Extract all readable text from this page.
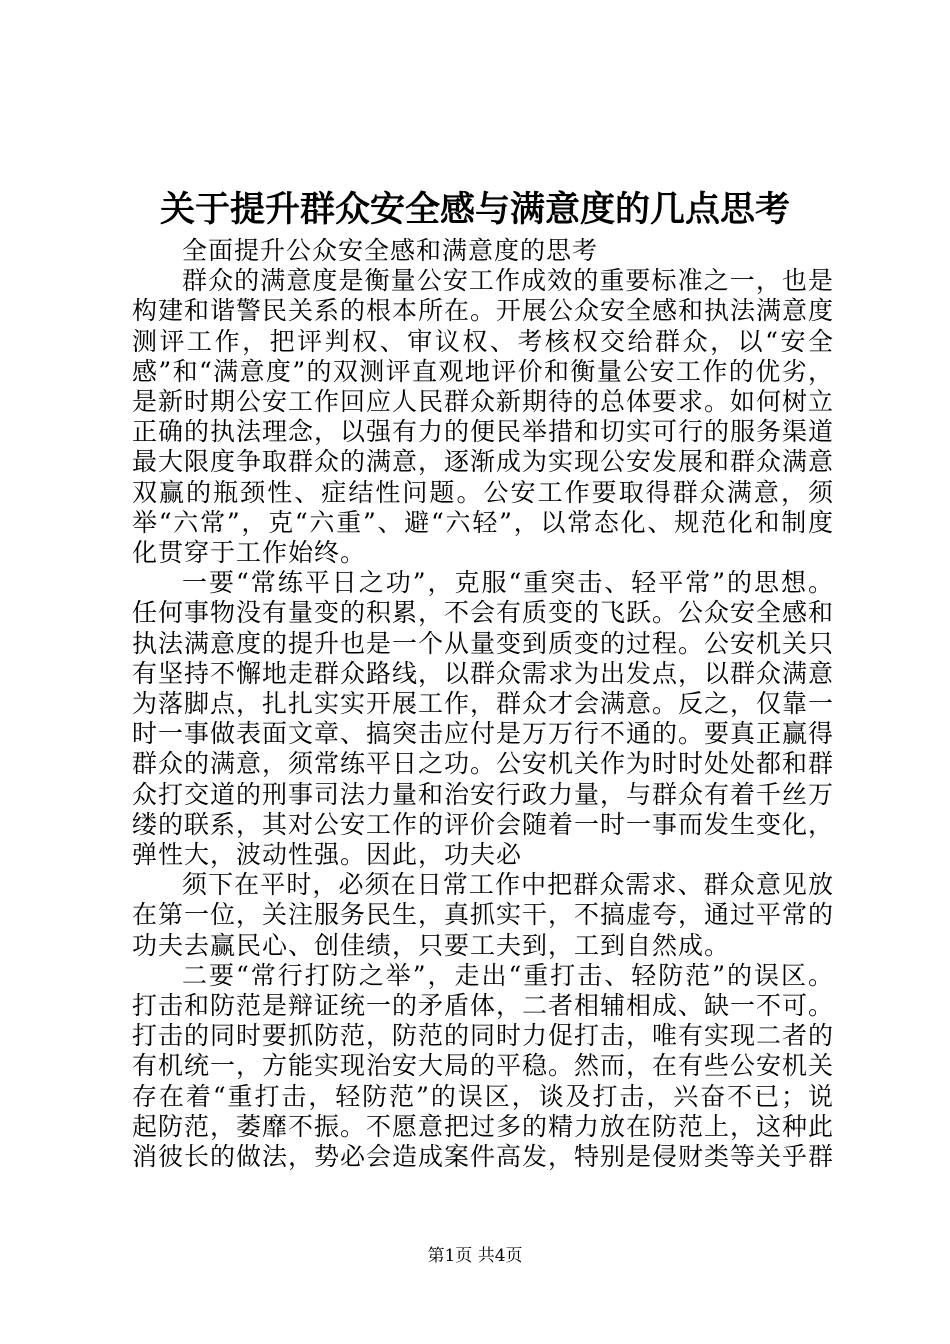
关于提升群众安全感与满意度的几点思考

全面提升公众安全感和满意度的思考

群众的满意度是衡量公安工作成效的重要标准之一，也是构建和谐警民关系的根本所在。开展公众安全感和执法满意度测评工作，把评判权、审议权、考核权交给群众，以“安全感”和“满意度”的双测评直观地评价和衡量公安工作的优劣，是新时期公安工作回应人民群众新期待的总体要求。如何树立正确的执法理念，以强有力的便民举措和切实可行的服务渠道最大限度争取群众的满意，逐渐成为实现公安发展和群众满意双赢的瓶颈性、症结性问题。公安工作要取得群众满意，须举“六常”，克“六重”、避“六轻”，以常态化、规范化和制度化贯穿于工作始终。

一要“常练平日之功”，克服“重突击、轻平常”的思想。任何事物没有量变的积累，不会有质变的飞跃。公众安全感和执法满意度的提升也是一个从量变到质变的过程。公安机关只有坚持不懈地走群众路线，以群众需求为出发点，以群众满意为落脚点，扎扎实实开展工作，群众才会满意。反之，仅靠一时一事做表面文章、搞突击应付是万万行不通的。要真正赢得群众的满意，须常练平日之功。公安机关作为时时处处都和群众打交道的刑事司法力量和治安行政力量，与群众有着千丝万缕的联系，其对公安工作的评价会随着一时一事而发生变化，弹性大，波动性强。因此，功夫必

须下在平时，必须在日常工作中把群众需求、群众意见放在第一位，关注服务民生，真抓实干，不搞虚夸，通过平常的功夫去赢民心、创佳绩，只要工夫到，工到自然成。

二要“常行打防之举”，走出“重打击、轻防范”的误区。打击和防范是辩证统一的矛盾体，二者相辅相成、缺一不可。打击的同时要抓防范，防范的同时力促打击，唯有实现二者的有机统一，方能实现治安大局的平稳。然而，在有些公安机关存在着“重打击，轻防范”的误区，谈及打击，兴奋不已；说起防范，萎靡不振。不愿意把过多的精力放在防范上，这种此消彼长的做法，势必会造成案件高发，特别是侵财类等关乎群

第1页 共4页
